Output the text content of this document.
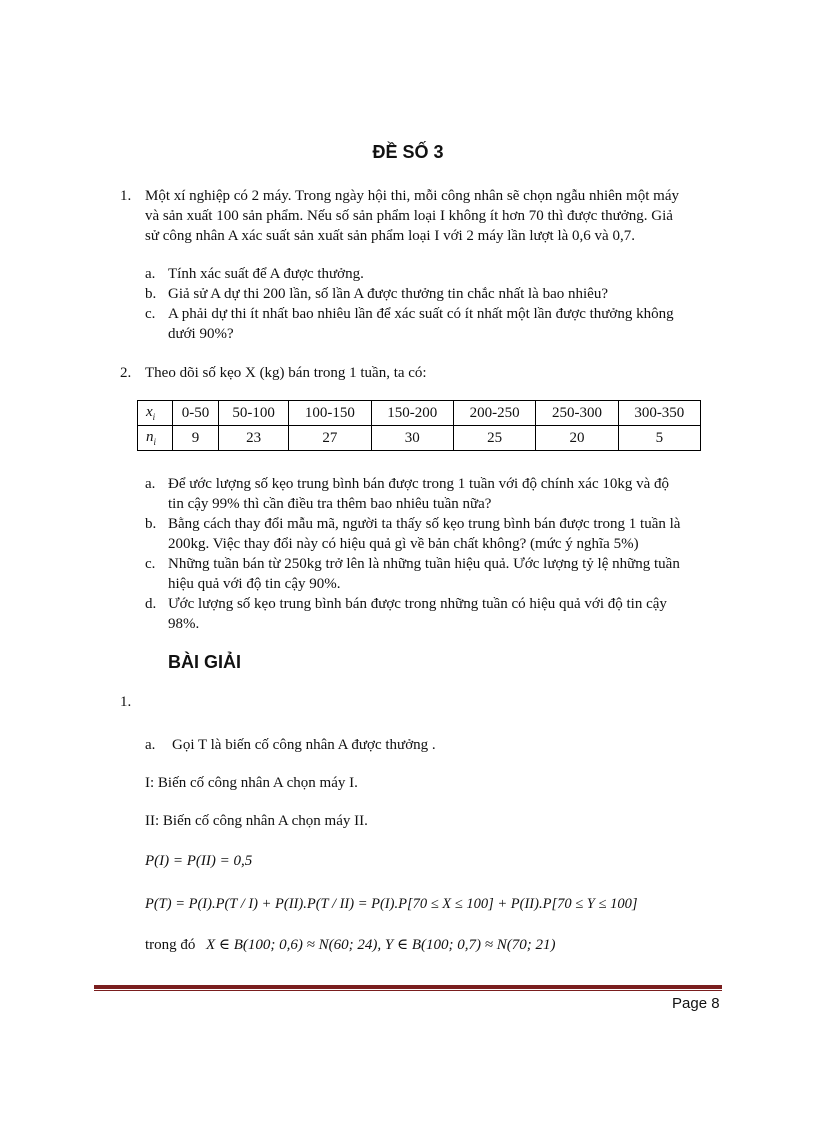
ĐỀ SỐ 3
1. Một xí nghiệp có 2 máy. Trong ngày hội thi, mỗi công nhân sẽ chọn ngẫu nhiên một máy
và sản xuất 100 sản phẩm. Nếu số sản phẩm loại I không ít hơn 70 thì được thưởng. Giả
sử công nhân A xác suất sản xuất sản phẩm loại I với 2 máy lần lượt là 0,6 và 0,7.
a. Tính xác suất để A được thưởng.
b. Giả sử A dự thi 200 lần, số lần A được thưởng tin chắc nhất là bao nhiêu?
c. A phải dự thi ít nhất bao nhiêu lần để xác suất có ít nhất một lần được thưởng không
dưới 90%?
2. Theo dõi số kẹo X (kg) bán trong 1 tuần, ta có:
$x_i$	0-50	50-100	100-150	150-200	200-250	250-300	300-350
$n_i$	9	23	27	30	25	20	5
a. Để ước lượng số kẹo trung bình bán được trong 1 tuần với độ chính xác 10kg và độ
tin cậy 99% thì cần điều tra thêm bao nhiêu tuần nữa?
b. Bằng cách thay đổi mẫu mã, người ta thấy số kẹo trung bình bán được trong 1 tuần là
200kg. Việc thay đổi này có hiệu quả gì về bản chất không? (mức ý nghĩa 5%)
c. Những tuần bán từ 250kg trở lên là những tuần hiệu quả. Ước lượng tỷ lệ những tuần
hiệu quả với độ tin cậy 90%.
d. Ước lượng số kẹo trung bình bán được trong những tuần có hiệu quả với độ tin cậy
98%.
BÀI GIẢI
1.
a. Gọi T là biến cố công nhân A được thưởng .
I: Biến cố công nhân A chọn máy I.
II: Biến cố công nhân A chọn máy II.
P(I) = P(II) = 0,5
P(T) = P(I).P(T / I) + P(II).P(T / II) = P(I).P[70 ≤ X ≤ 100] + P(II).P[70 ≤ Y ≤ 100]
trong đó X ∈ B(100; 0,6) ≈ N(60; 24), Y ∈ B(100; 0,7) ≈ N(70; 21)
Page 8
